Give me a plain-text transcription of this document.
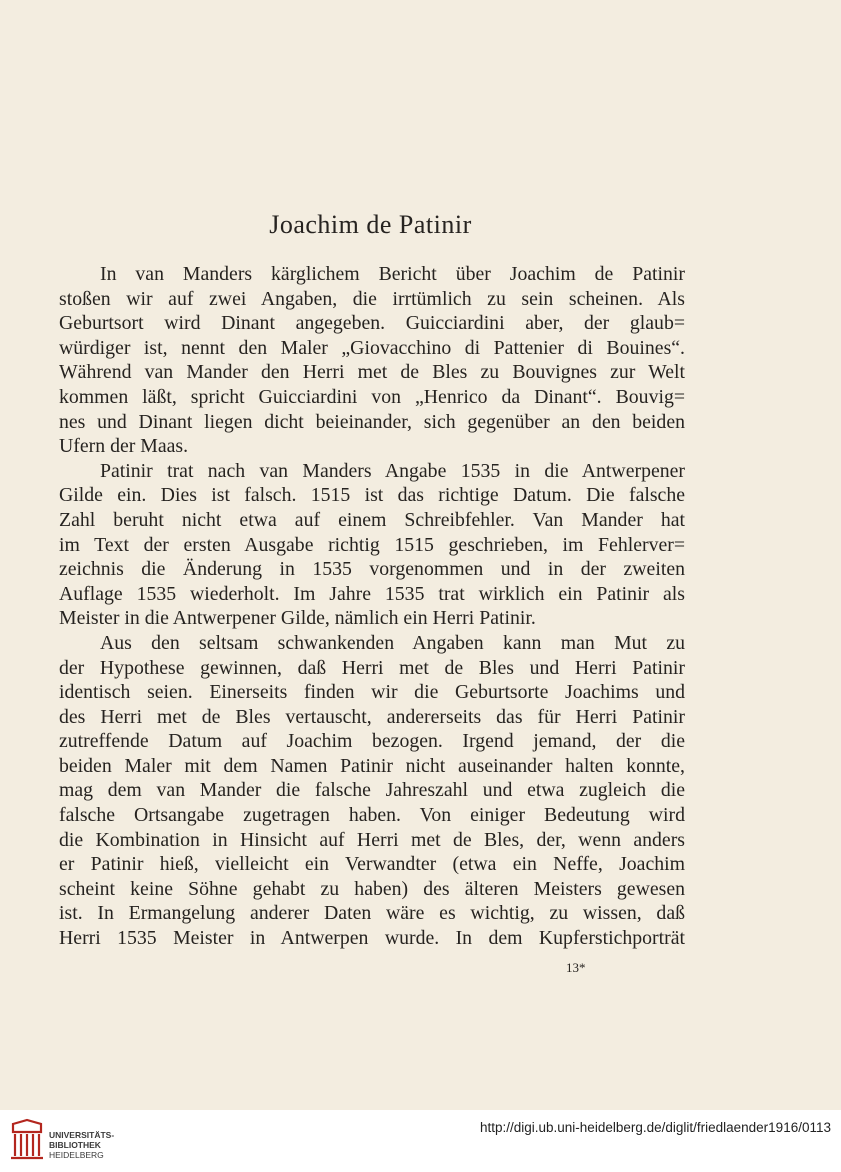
Joachim de Patinir
In van Manders kärglichem Bericht über Joachim de Patinir
stoßen wir auf zwei Angaben, die irrtümlich zu sein scheinen. Als
Geburtsort wird Dinant angegeben. Guicciardini aber, der glaub=
würdiger ist, nennt den Maler „Giovacchino di Pattenier di Bouines“.
Während van Mander den Herri met de Bles zu Bouvignes zur Welt
kommen läßt, spricht Guicciardini von „Henrico da Dinant“. Bouvig=
nes und Dinant liegen dicht beieinander, sich gegenüber an den beiden
Ufern der Maas.
Patinir trat nach van Manders Angabe 1535 in die Antwerpener
Gilde ein. Dies ist falsch. 1515 ist das richtige Datum. Die falsche
Zahl beruht nicht etwa auf einem Schreibfehler. Van Mander hat
im Text der ersten Ausgabe richtig 1515 geschrieben, im Fehlerver=
zeichnis die Änderung in 1535 vorgenommen und in der zweiten
Auflage 1535 wiederholt. Im Jahre 1535 trat wirklich ein Patinir als
Meister in die Antwerpener Gilde, nämlich ein Herri Patinir.
Aus den seltsam schwankenden Angaben kann man Mut zu
der Hypothese gewinnen, daß Herri met de Bles und Herri Patinir
identisch seien. Einerseits finden wir die Geburtsorte Joachims und
des Herri met de Bles vertauscht, andererseits das für Herri Patinir
zutreffende Datum auf Joachim bezogen. Irgend jemand, der die
beiden Maler mit dem Namen Patinir nicht auseinander halten konnte,
mag dem van Mander die falsche Jahreszahl und etwa zugleich die
falsche Ortsangabe zugetragen haben. Von einiger Bedeutung wird
die Kombination in Hinsicht auf Herri met de Bles, der, wenn anders
er Patinir hieß, vielleicht ein Verwandter (etwa ein Neffe, Joachim
scheint keine Söhne gehabt zu haben) des älteren Meisters gewesen
ist. In Ermangelung anderer Daten wäre es wichtig, zu wissen, daß
Herri 1535 Meister in Antwerpen wurde. In dem Kupferstichporträt
13*
UNIVERSITÄTS-
BIBLIOTHEK
HEIDELBERG
http://digi.ub.uni-heidelberg.de/diglit/friedlaender1916/0113
